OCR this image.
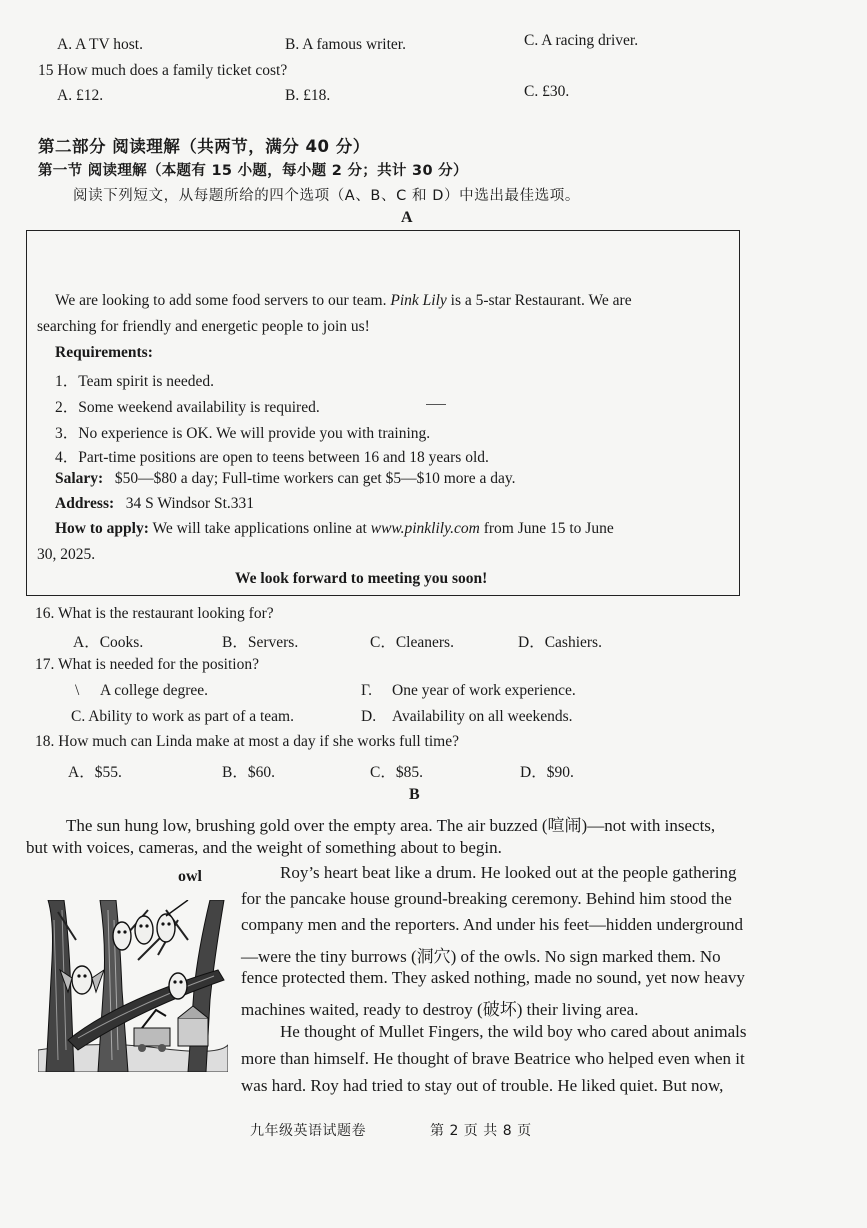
A. A TV host.	B. A famous writer.	C. A racing driver.
15 How much does a family ticket cost?
A. £12.	B. £18.	C. £30.
第二部分 阅读理解（共两节，满分 40 分）
第一节 阅读理解（本题有 15 小题，每小题 2 分；共计 30 分）
阅读下列短文，从每题所给的四个选项（A、B、C 和 D）中选出最佳选项。
A
We are looking to add some food servers to our team. Pink Lily is a 5-star Restaurant. We are
searching for friendly and energetic people to join us!
Requirements:
1．Team spirit is needed.
2．Some weekend availability is required.
3．No experience is OK. We will provide you with training.
4．Part-time positions are open to teens between 16 and 18 years old.
Salary: $50—$80 a day; Full-time workers can get $5—$10 more a day.
Address: 34 S Windsor St.331
How to apply: We will take applications online at www.pinklily.com from June 15 to June
30, 2025.
We look forward to meeting you soon!
16. What is the restaurant looking for?
A．Cooks.	B．Servers.	C．Cleaners.	D．Cashiers.
17. What is needed for the position?
\ A college degree.	Γ. One year of work experience.
C. Ability to work as part of a team.	D. Availability on all weekends.
18. How much can Linda make at most a day if she works full time?
A．$55.	B．$60.	C．$85.	D．$90.
B
The sun hung low, brushing gold over the empty area. The air buzzed (喧闹)—not with insects,
but with voices, cameras, and the weight of something about to begin.
owl	Roy’s heart beat like a drum. He looked out at the people gathering
for the pancake house ground-breaking ceremony. Behind him stood the
company men and the reporters. And under his feet—hidden underground
—were the tiny burrows (洞穴) of the owls. No sign marked them. No
fence protected them. They asked nothing, made no sound, yet now heavy
machines waited, ready to destroy (破坏) their living area.
He thought of Mullet Fingers, the wild boy who cared about animals
more than himself. He thought of brave Beatrice who helped even when it
was hard. Roy had tried to stay out of trouble. He liked quiet. But now,
九年级英语试题卷	第 2 页 共 8 页
